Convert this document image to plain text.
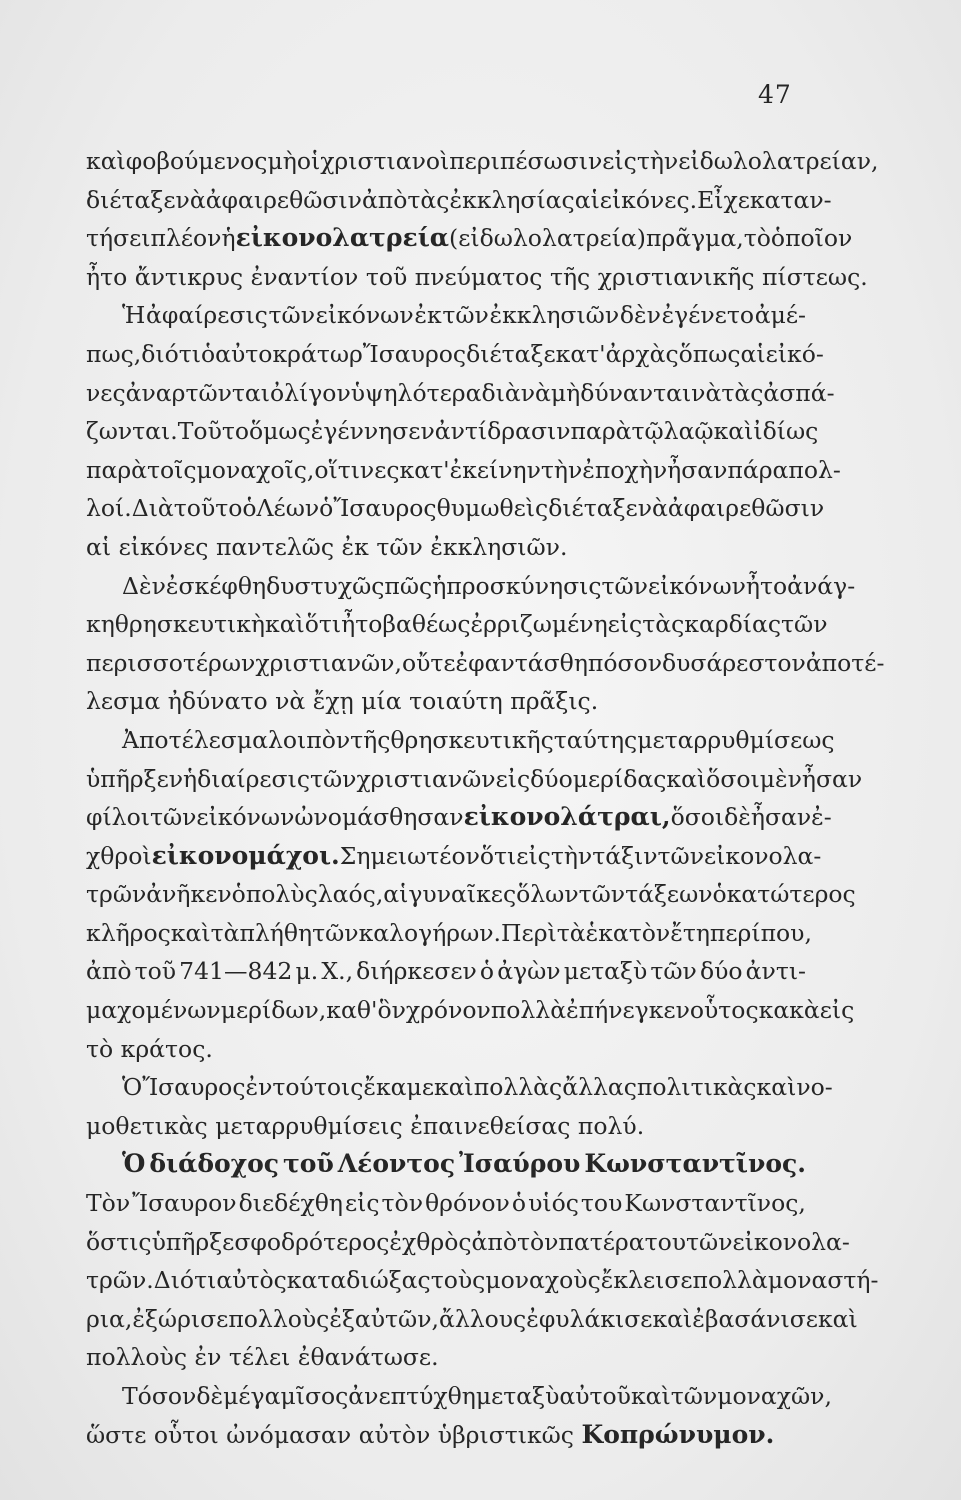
47
καὶ φοβούμενος μὴ οἱ χριστιανοὶ περιπέσωσιν εἰς τὴν εἰδωλολατρείαν,
διέταξε νὰ ἀφαιρεθῶσιν ἀπὸ τὰς ἐκκλησίας αἱ εἰκόνες. Εἶχε καταν-
τήσει πλέον ἡ εἰκονολατρεία (εἰδωλολατρεία) πρᾶγμα, τὸ ὁποῖον
ἦτο ἄντικρυς ἐναντίον τοῦ πνεύματος τῆς χριστιανικῆς πίστεως.
Ἡ ἀφαίρεσις τῶν εἰκόνων ἐκ τῶν ἐκκλησιῶν δὲν ἐγένετο ἀμέ-
πως, διότι ὁ αὐτοκράτωρ Ἴσαυρος διέταξε κατ' ἀρχὰς ὅπως αἱ εἰκό-
νες ἀναρτῶνται ὀλίγον ὑψηλότερα διὰ νὰ μὴ δύνανται νὰ τὰς ἀσπά-
ζωνται. Τοῦτο ὅμως ἐγέννησεν ἀντίδρασιν παρὰ τῷ λαῷ καὶ ἰδίως
παρὰ τοῖς μοναχοῖς, οἵτινες κατ' ἐκείνην τὴν ἐποχὴν ἦσαν πάρα πολ-
λοί. Διὰ τοῦτο ὁ Λέων ὁ Ἴσαυρος θυμωθεὶς διέταξε νὰ ἀφαιρεθῶσιν
αἱ εἰκόνες παντελῶς ἐκ τῶν ἐκκλησιῶν.
Δὲν ἐσκέφθη δυστυχῶς πῶς ἡ προσκύνησις τῶν εἰκόνων ἦτο ἀνάγ-
κη θρησκευτικὴ καὶ ὅτι ἦτο βαθέως ἐρριζωμένη εἰς τὰς καρδίας τῶν
περισσοτέρων χριστιανῶν, οὔτε ἐφαντάσθη πόσον δυσάρεστον ἀποτέ-
λεσμα ἠδύνατο νὰ ἔχῃ μία τοιαύτη πρᾶξις.
Ἀποτέλεσμα λοιπὸν τῆς θρησκευτικῆς ταύτης μεταρρυθμίσεως
ὑπῆρξεν ἡ διαίρεσις τῶν χριστιανῶν εἰς δύο μερίδας καὶ ὅσοι μὲν ἦσαν
φίλοι τῶν εἰκόνων ὠνομάσθησαν εἰκονολάτραι, ὅσοι δὲ ἦσαν ἐ-
χθροὶ εἰκονομάχοι. Σημειωτέον ὅτι εἰς τὴν τάξιν τῶν εἰκονολα-
τρῶν ἀνῆκεν ὁ πολὺς λαός, αἱ γυναῖκες ὅλων τῶν τάξεων ὁ κατώτερος
κλῆρος καὶ τὰ πλήθη τῶν καλογήρων. Περὶ τὰ ἑκατὸν ἔτη περίπου,
ἀπὸ τοῦ 741—842 μ. Χ., διήρκεσεν ὁ ἀγὼν μεταξὺ τῶν δύο ἀντι-
μαχομένων μερίδων, καθ' ὃν χρόνον πολλὰ ἐπήνεγκεν οὗτος κακὰ εἰς
τὸ κράτος.
Ὁ Ἴσαυρος ἐν τούτοις ἔκαμε καὶ πολλὰς ἄλλας πολιτικὰς καὶ νο-
μοθετικὰς μεταρρυθμίσεις ἐπαινεθείσας πολύ.
Ὁ διάδοχος τοῦ Λέοντος Ἰσαύρου Κωνσταντῖνος.
Τὸν Ἴσαυρον διεδέχθη εἰς τὸν θρόνον ὁ υἱός του Κωνσταντῖνος,
ὅστις ὑπῆρξε σφοδρότερος ἐχθρὸς ἀπὸ τὸν πατέρα του τῶν εἰκονολα-
τρῶν. Διότι αὐτὸς καταδιώξας τοὺς μοναχοὺς ἔκλεισε πολλὰ μοναστή-
ρια, ἐξώρισε πολλοὺς ἐξ αὐτῶν, ἄλλους ἐφυλάκισε καὶ ἐβασάνισε καὶ
πολλοὺς ἐν τέλει ἐθανάτωσε.
Τόσον δὲ μέγα μῖσος ἀνεπτύχθη μεταξὺ αὐτοῦ καὶ τῶν μοναχῶν,
ὥστε οὗτοι ὠνόμασαν αὐτὸν ὑβριστικῶς Κοπρώνυμον.
